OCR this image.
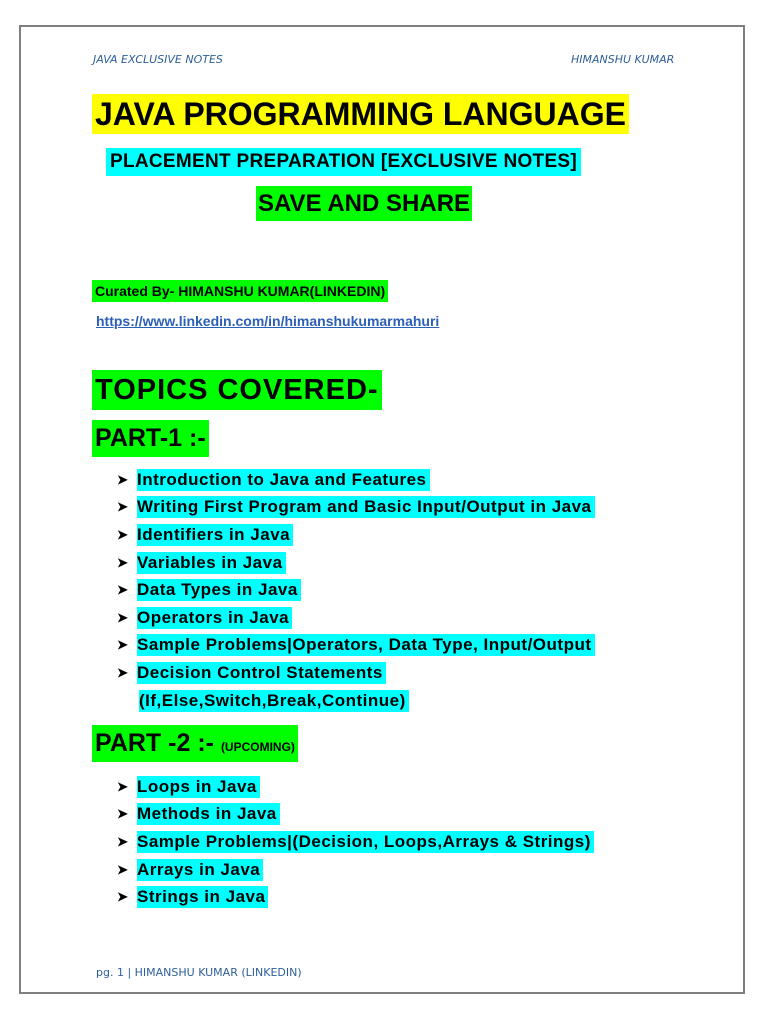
JAVA EXCLUSIVE NOTES	HIMANSHU KUMAR
JAVA PROGRAMMING LANGUAGE
PLACEMENT PREPARATION [EXCLUSIVE NOTES]
SAVE AND SHARE
Curated By- HIMANSHU KUMAR(LINKEDIN)
https://www.linkedin.com/in/himanshukumarmahuri
TOPICS COVERED-
PART-1 :-
➤ Introduction to Java and Features
➤ Writing First Program and Basic Input/Output in Java
➤ Identifiers in Java
➤ Variables in Java
➤ Data Types in Java
➤ Operators in Java
➤ Sample Problems|Operators, Data Type, Input/Output
➤ Decision Control Statements
(If,Else,Switch,Break,Continue)
PART -2 :- (UPCOMING)
➤ Loops in Java
➤ Methods in Java
➤ Sample Problems|(Decision, Loops,Arrays & Strings)
➤ Arrays in Java
➤ Strings in Java
pg. 1 | HIMANSHU KUMAR (LINKEDIN)
